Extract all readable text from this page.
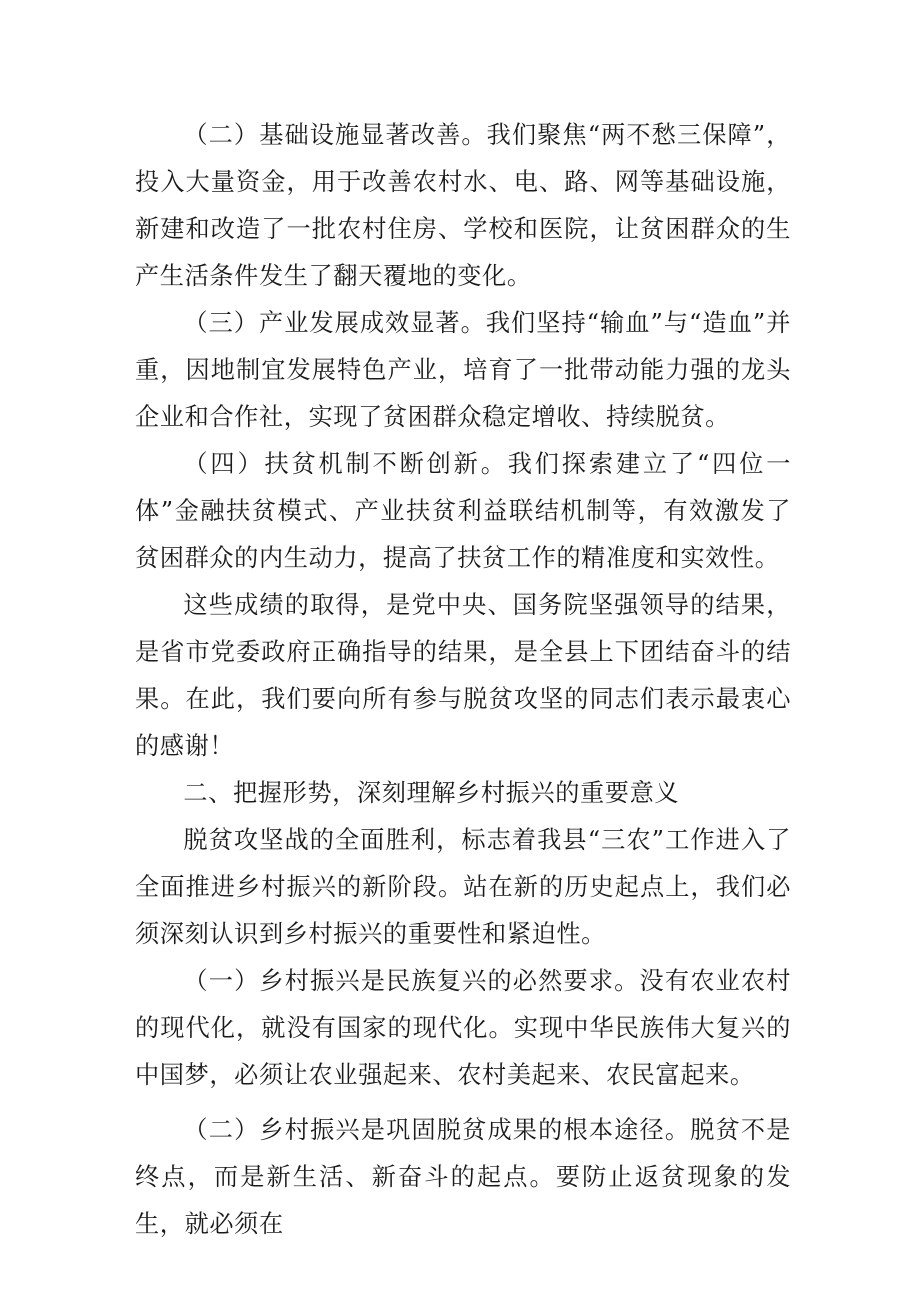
（二）基础设施显著改善。我们聚焦“两不愁三保障”，投入大量资金，用于改善农村水、电、路、网等基础设施，新建和改造了一批农村住房、学校和医院，让贫困群众的生产生活条件发生了翻天覆地的变化。

（三）产业发展成效显著。我们坚持“输血”与“造血”并重，因地制宜发展特色产业，培育了一批带动能力强的龙头企业和合作社，实现了贫困群众稳定增收、持续脱贫。

（四）扶贫机制不断创新。我们探索建立了“四位一体”金融扶贫模式、产业扶贫利益联结机制等，有效激发了贫困群众的内生动力，提高了扶贫工作的精准度和实效性。

这些成绩的取得，是党中央、国务院坚强领导的结果，是省市党委政府正确指导的结果，是全县上下团结奋斗的结果。在此，我们要向所有参与脱贫攻坚的同志们表示最衷心的感谢！

二、把握形势，深刻理解乡村振兴的重要意义

脱贫攻坚战的全面胜利，标志着我县“三农”工作进入了全面推进乡村振兴的新阶段。站在新的历史起点上，我们必须深刻认识到乡村振兴的重要性和紧迫性。

（一）乡村振兴是民族复兴的必然要求。没有农业农村的现代化，就没有国家的现代化。实现中华民族伟大复兴的中国梦，必须让农业强起来、农村美起来、农民富起来。

（二）乡村振兴是巩固脱贫成果的根本途径。脱贫不是终点，而是新生活、新奋斗的起点。要防止返贫现象的发生，就必须在
